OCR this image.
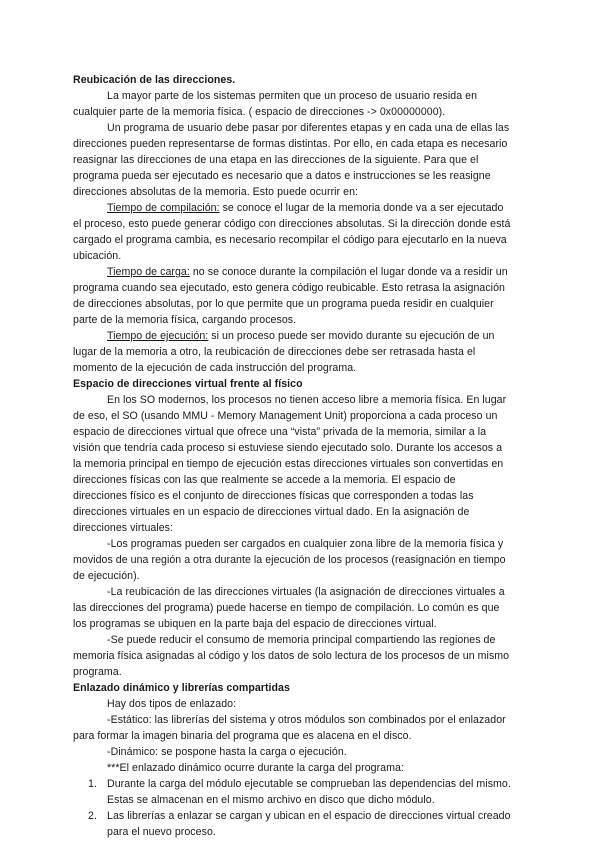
Reubicación de las direcciones.
La mayor parte de los sistemas permiten que un proceso de usuario resida en
cualquier parte de la memoria física. ( espacio de direcciones -> 0x00000000).
Un programa de usuario debe pasar por diferentes etapas y en cada una de ellas las
direcciones pueden representarse de formas distintas. Por ello, en cada etapa es necesario
reasignar las direcciones de una etapa en las direcciones de la siguiente. Para que el
programa pueda ser ejecutado es necesario que a datos e instrucciones se les reasigne
direcciones absolutas de la memoria. Esto puede ocurrir en:
Tiempo de compilación: se conoce el lugar de la memoria donde va a ser ejecutado
el proceso, esto puede generar código con direcciones absolutas. Si la dirección donde está
cargado el programa cambia, es necesario recompilar el código para ejecutarlo en la nueva
ubicación.
Tiempo de carga: no se conoce durante la compilación el lugar donde va a residir un
programa cuando sea ejecutado, esto genera código reubicable. Esto retrasa la asignación
de direcciones absolutas, por lo que permite que un programa pueda residir en cualquier
parte de la memoria física, cargando procesos.
Tiempo de ejecución: si un proceso puede ser movido durante su ejecución de un
lugar de la memoria a otro, la reubicación de direcciones debe ser retrasada hasta el
momento de la ejecución de cada instrucción del programa.
Espacio de direcciones virtual frente al físico
En los SO modernos, los procesos no tienen acceso libre a memoria física. En lugar
de eso, el SO (usando MMU - Memory Management Unit) proporciona a cada proceso un
espacio de direcciones virtual que ofrece una “vista” privada de la memoria, similar a la
visión que tendría cada proceso si estuviese siendo ejecutado solo. Durante los accesos a
la memoria principal en tiempo de ejecución estas direcciones virtuales son convertidas en
direcciones físicas con las que realmente se accede a la memoria. El espacio de
direcciones físico es el conjunto de direcciones físicas que corresponden a todas las
direcciones virtuales en un espacio de direcciones virtual dado. En la asignación de
direcciones virtuales:
-Los programas pueden ser cargados en cualquier zona libre de la memoria física y
movidos de una región a otra durante la ejecución de los procesos (reasignación en tiempo
de ejecución).
-La reubicación de las direcciones virtuales (la asignación de direcciones virtuales a
las direcciones del programa) puede hacerse en tiempo de compilación. Lo común es que
los programas se ubiquen en la parte baja del espacio de direcciones virtual.
-Se puede reducir el consumo de memoria principal compartiendo las regiones de
memoria física asignadas al código y los datos de solo lectura de los procesos de un mismo
programa.
Enlazado dinámico y librerías compartidas
Hay dos tipos de enlazado:
-Estático: las librerías del sistema y otros módulos son combinados por el enlazador
para formar la imagen binaria del programa que es alacena en el disco.
-Dinámico: se pospone hasta la carga o ejecución.
***El enlazado dinámico ocurre durante la carga del programa:
1. Durante la carga del módulo ejecutable se comprueban las dependencias del mismo.
Estas se almacenan en el mismo archivo en disco que dicho módulo.
2. Las librerías a enlazar se cargan y ubican en el espacio de direcciones virtual creado
para el nuevo proceso.
